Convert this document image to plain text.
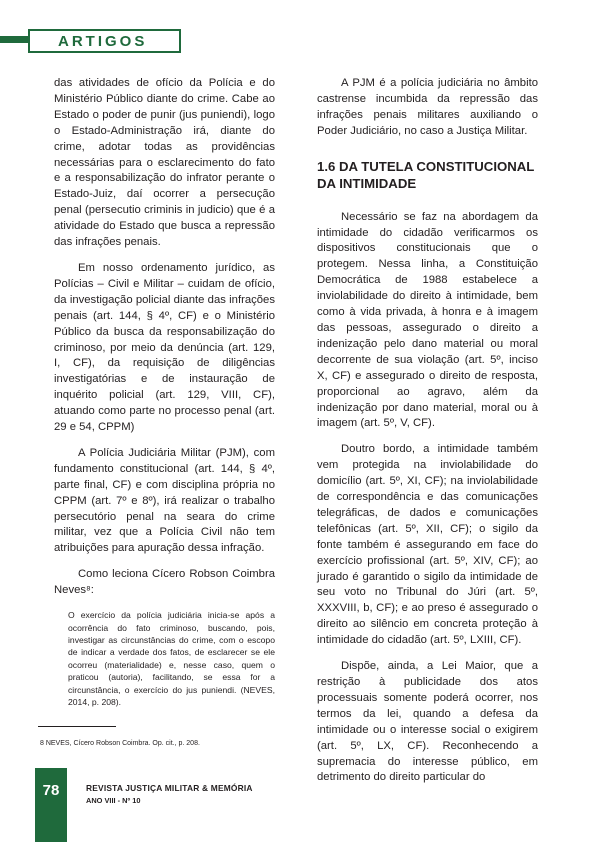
ARTIGOS

das atividades de ofício da Polícia e do Ministério Público diante do crime. Cabe ao Estado o poder de punir (jus puniendi), logo o Estado-Administração irá, diante do crime, adotar todas as providências necessárias para o esclarecimento do fato e a responsabilização do infrator perante o Estado-Juiz, daí ocorrer a persecução penal (persecutio criminis in judicio) que é a atividade do Estado que busca a repressão das infrações penais.

Em nosso ordenamento jurídico, as Polícias – Civil e Militar – cuidam de ofício, da investigação policial diante das infrações penais (art. 144, § 4º, CF) e o Ministério Público da busca da responsabilização do criminoso, por meio da denúncia (art. 129, I, CF), da requisição de diligências investigatórias e de instauração de inquérito policial (art. 129, VIII, CF), atuando como parte no processo penal (art. 29 e 54, CPPM)

A Polícia Judiciária Militar (PJM), com fundamento constitucional (art. 144, § 4º, parte final, CF) e com disciplina própria no CPPM (art. 7º e 8º), irá realizar o trabalho persecutório penal na seara do crime militar, vez que a Polícia Civil não tem atribuições para apuração dessa infração.

Como leciona Cícero Robson Coimbra Neves⁸:

O exercício da polícia judiciária inicia-se após a ocorrência do fato criminoso, buscando, pois, investigar as circunstâncias do crime, com o escopo de indicar a verdade dos fatos, de esclarecer se ele ocorreu (materialidade) e, nesse caso, quem o praticou (autoria), facilitando, se essa for a circunstância, o exercício do jus puniendi. (NEVES, 2014, p. 208).

A PJM é a polícia judiciária no âmbito castrense incumbida da repressão das infrações penais militares auxiliando o Poder Judiciário, no caso a Justiça Militar.

1.6 DA TUTELA CONSTITUCIONAL DA INTIMIDADE

Necessário se faz na abordagem da intimidade do cidadão verificarmos os dispositivos constitucionais que o protegem. Nessa linha, a Constituição Democrática de 1988 estabelece a inviolabilidade do direito à intimidade, bem como à vida privada, à honra e à imagem das pessoas, assegurado o direito a indenização pelo dano material ou moral decorrente de sua violação (art. 5º, inciso X, CF) e assegurado o direito de resposta, proporcional ao agravo, além da indenização por dano material, moral ou à imagem (art. 5º, V, CF).

Doutro bordo, a intimidade também vem protegida na inviolabilidade do domicílio (art. 5º, XI, CF); na inviolabilidade de correspondência e das comunicações telegráficas, de dados e comunicações telefônicas (art. 5º, XII, CF); o sigilo da fonte também é assegurando em face do exercício profissional (art. 5º, XIV, CF); ao jurado é garantido o sigilo da intimidade de seu voto no Tribunal do Júri (art. 5º, XXXVIII, b, CF); e ao preso é assegurado o direito ao silêncio em concreta proteção à intimidade do cidadão (art. 5º, LXIII, CF).

Dispõe, ainda, a Lei Maior, que a restrição à publicidade dos atos processuais somente poderá ocorrer, nos termos da lei, quando a defesa da intimidade ou o interesse social o exigirem (art. 5º, LX, CF). Reconhecendo a supremacia do interesse público, em detrimento do direito particular do

8 NEVES, Cícero Robson Coimbra. Op. cit., p. 208.
78	REVISTA JUSTIÇA MILITAR & MEMÓRIA
ANO VIII - Nº 10
